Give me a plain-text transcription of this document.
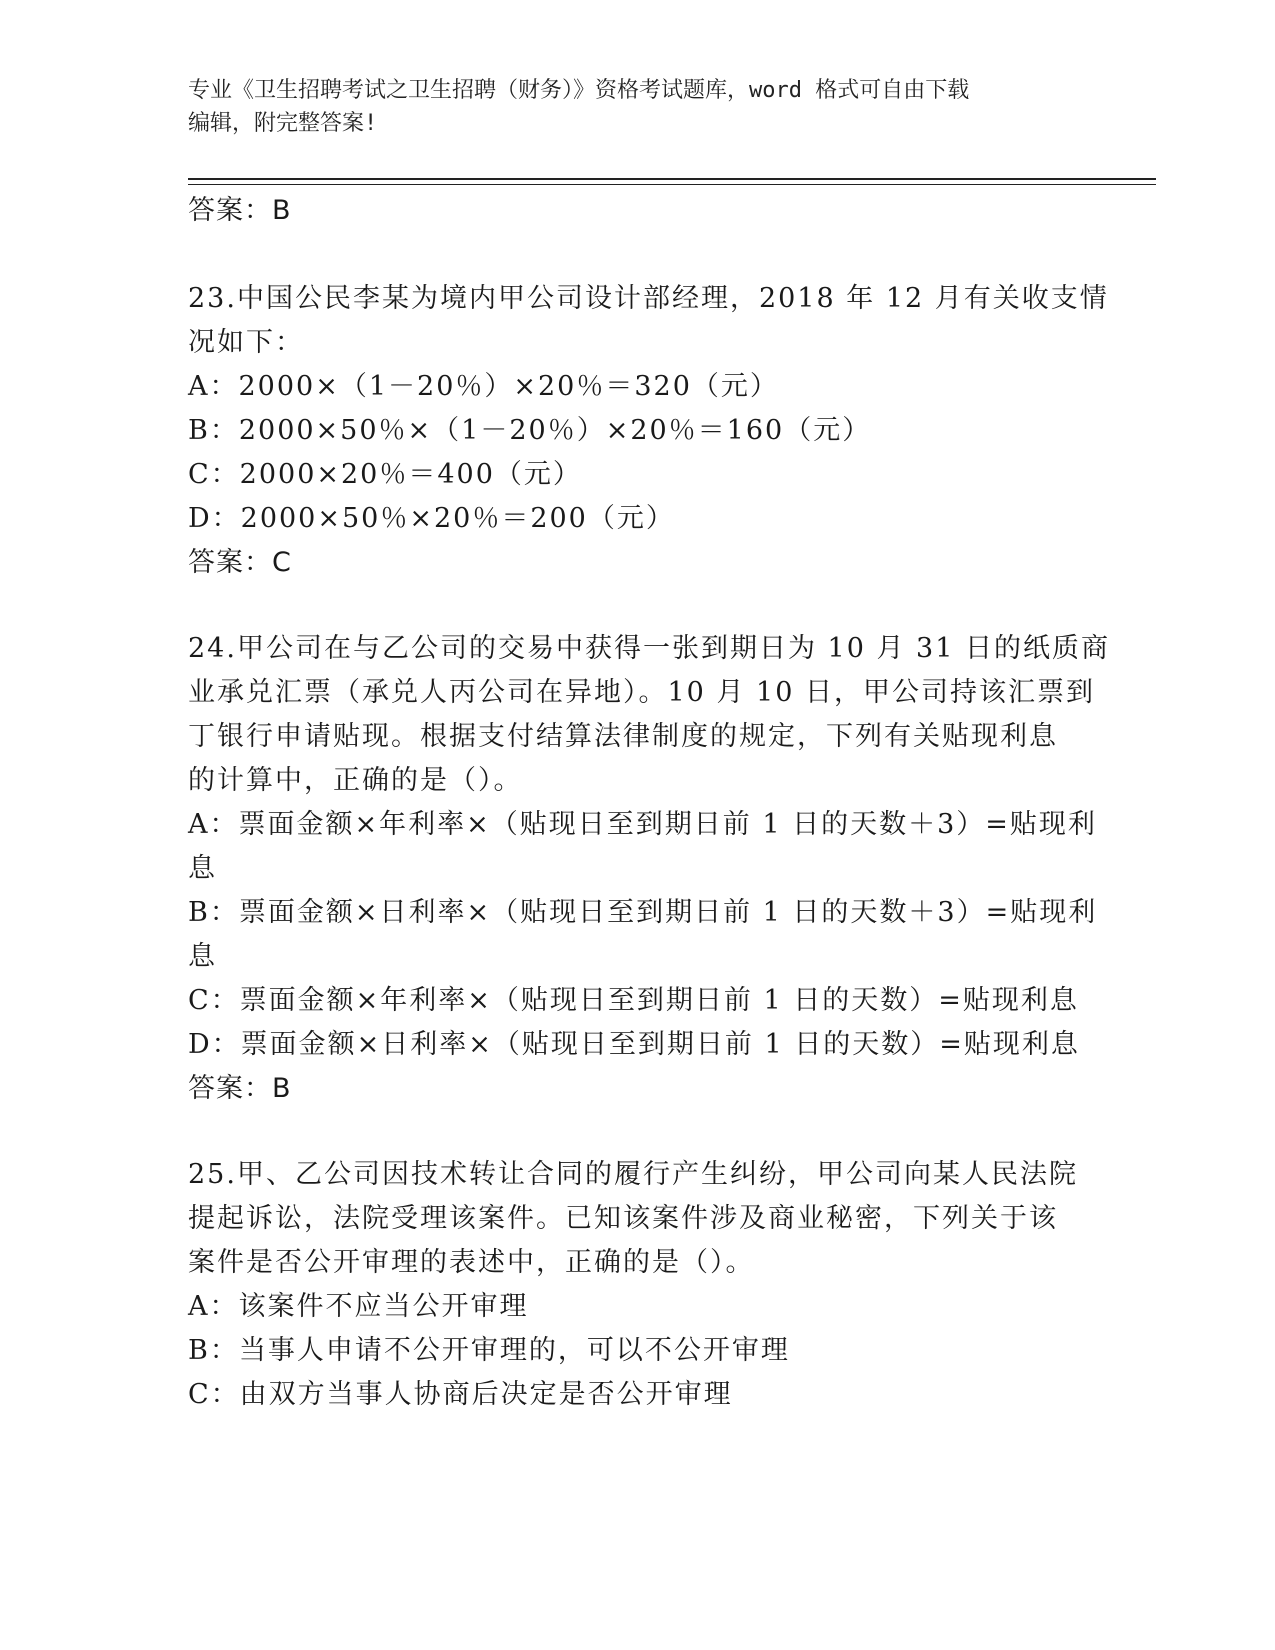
专业《卫生招聘考试之卫生招聘（财务）》资格考试题库，word 格式可自由下载
编辑，附完整答案!
答案：B
23.中国公民李某为境内甲公司设计部经理，2018 年 12 月有关收支情
况如下：
A：2000×（1－20％）×20％＝320（元）
B：2000×50％×（1－20％）×20％＝160（元）
C：2000×20％＝400（元）
D：2000×50％×20％＝200（元）
答案：C
24.甲公司在与乙公司的交易中获得一张到期日为 10 月 31 日的纸质商
业承兑汇票（承兑人丙公司在异地）。10 月 10 日，甲公司持该汇票到
丁银行申请贴现。根据支付结算法律制度的规定，下列有关贴现利息
的计算中，正确的是（）。
A：票面金额×年利率×（贴现日至到期日前 1 日的天数＋3）=贴现利
息
B：票面金额×日利率×（贴现日至到期日前 1 日的天数＋3）=贴现利
息
C：票面金额×年利率×（贴现日至到期日前 1 日的天数）=贴现利息
D：票面金额×日利率×（贴现日至到期日前 1 日的天数）=贴现利息
答案：B
25.甲、乙公司因技术转让合同的履行产生纠纷，甲公司向某人民法院
提起诉讼，法院受理该案件。已知该案件涉及商业秘密，下列关于该
案件是否公开审理的表述中，正确的是（）。
A：该案件不应当公开审理
B：当事人申请不公开审理的，可以不公开审理
C：由双方当事人协商后决定是否公开审理
